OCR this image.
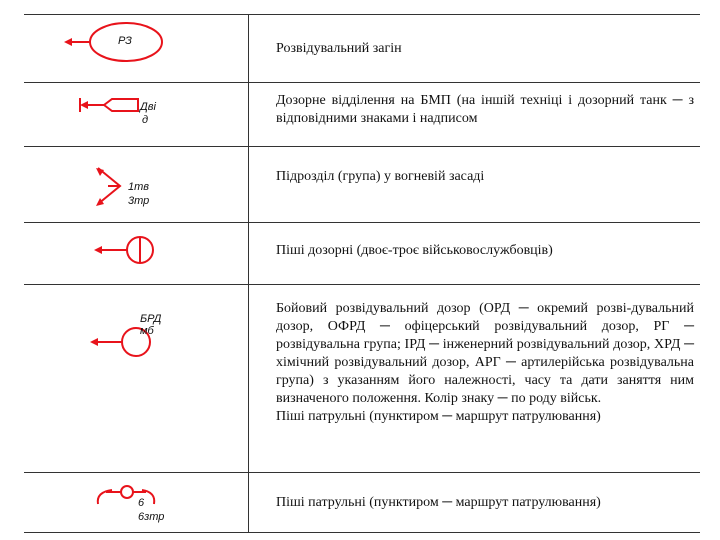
РЗ	Розвідувальний загін
Дві
д
Дозорне відділення на БМП (на іншій техніці і дозорний танк ─ з відповідними знаками і надписом
1тв
3тр
Підрозділ (група) у вогневій засаді
Пішi дозорні (двоє-троє військовослужбовців)
БРД
мб
Бойовий розвідувальний дозор (ОРД ─ окремий розві-дувальний дозор, ОФРД ─ офіцерський розвідувальний дозор, РГ ─ розвідувальна група; ІРД ─ інженерний розвідувальний дозор, ХРД ─ хімічний розвідувальний дозор, АРГ ─ артилерійська розвідувальна група) з указанням його належності, часу та дати заняття ним визначеного положення. Колір знаку ─ по роду військ.
Пішi патрульні (пунктиром ─ маршрут патрулювання)
6
6зтр
Пішi патрульні (пунктиром ─ маршрут патрулювання)
